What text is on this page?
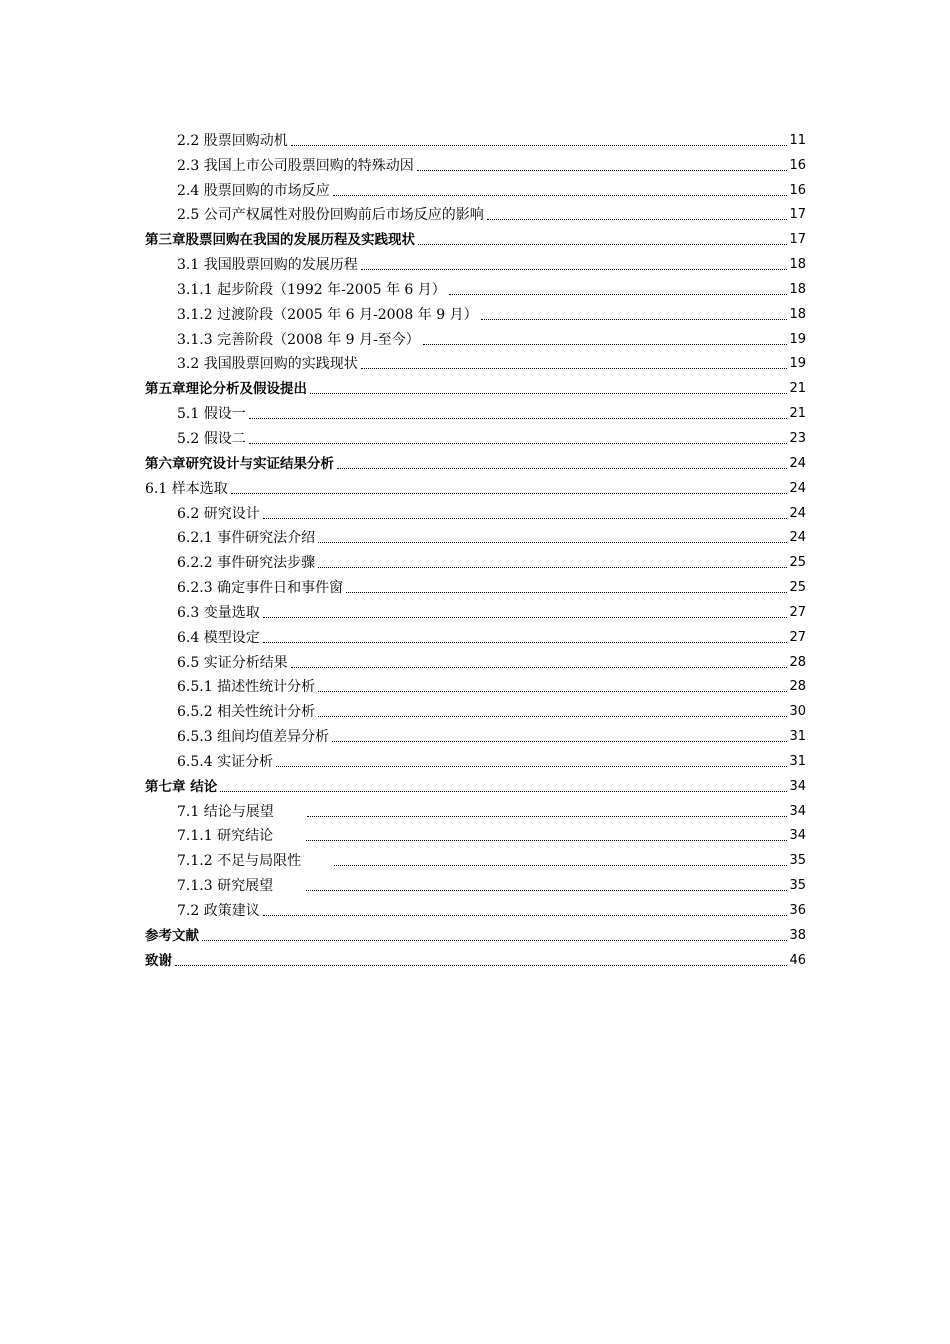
2.2 股票回购动机	11
2.3 我国上市公司股票回购的特殊动因	16
2.4 股票回购的市场反应	16
2.5 公司产权属性对股份回购前后市场反应的影响	17
第三章股票回购在我国的发展历程及实践现状	17
3.1 我国股票回购的发展历程	18
3.1.1 起步阶段（1992 年-2005 年 6 月）	18
3.1.2 过渡阶段（2005 年 6 月-2008 年 9 月）	18
3.1.3 完善阶段（2008 年 9 月-至今）	19
3.2 我国股票回购的实践现状	19
第五章理论分析及假设提出	21
5.1 假设一	21
5.2 假设二	23
第六章研究设计与实证结果分析	24
6.1 样本选取	24
6.2 研究设计	24
6.2.1 事件研究法介绍	24
6.2.2 事件研究法步骤	25
6.2.3 确定事件日和事件窗	25
6.3 变量选取	27
6.4 模型设定	27
6.5 实证分析结果	28
6.5.1 描述性统计分析	28
6.5.2 相关性统计分析	30
6.5.3 组间均值差异分析	31
6.5.4 实证分析	31
第七章 结论	34
7.1 结论与展望	34
7.1.1 研究结论	34
7.1.2 不足与局限性	35
7.1.3 研究展望	35
7.2 政策建议	36
参考文献	38
致谢	46
